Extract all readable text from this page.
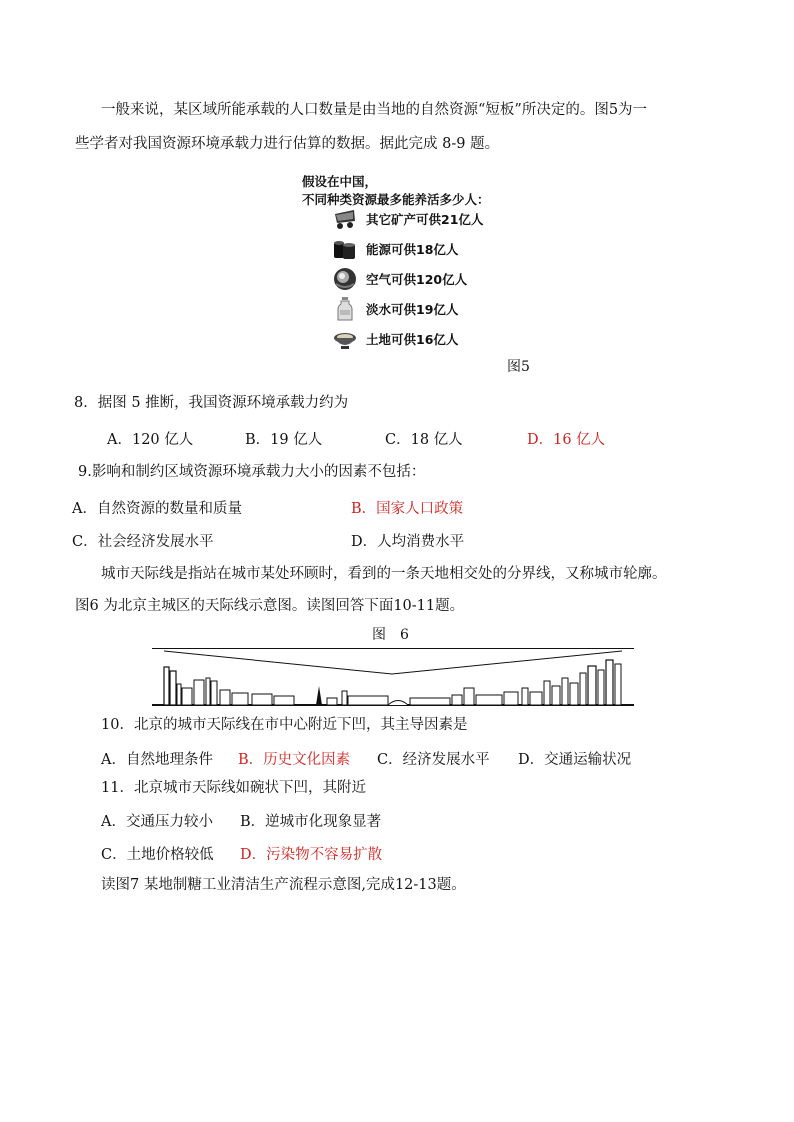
一般来说，某区域所能承载的人口数量是由当地的自然资源“短板”所决定的。图5为一
些学者对我国资源环境承载力进行估算的数据。据此完成 8-9 题。
假设在中国，
不同种类资源最多能养活多少人：
其它矿产可供21亿人
能源可供18亿人
空气可供120亿人
淡水可供19亿人
土地可供16亿人
图5
8．据图 5 推断，我国资源环境承载力约为
A．120 亿人	B．19 亿人	C．18 亿人	D．16 亿人
9.影响和制约区域资源环境承载力大小的因素不包括：
A．自然资源的数量和质量	B．国家人口政策
C．社会经济发展水平	D．人均消费水平
城市天际线是指站在城市某处环顾时，看到的一条天地相交处的分界线，又称城市轮廓。
图6 为北京主城区的天际线示意图。读图回答下面10-11题。
图　6
10．北京的城市天际线在市中心附近下凹，其主导因素是
A．自然地理条件 B．历史文化因素 C．经济发展水平 D．交通运输状况
11．北京城市天际线如碗状下凹，其附近
A．交通压力较小 B．逆城市化现象显著
C．土地价格较低 D．污染物不容易扩散
读图7 某地制糖工业清洁生产流程示意图,完成12-13题。
